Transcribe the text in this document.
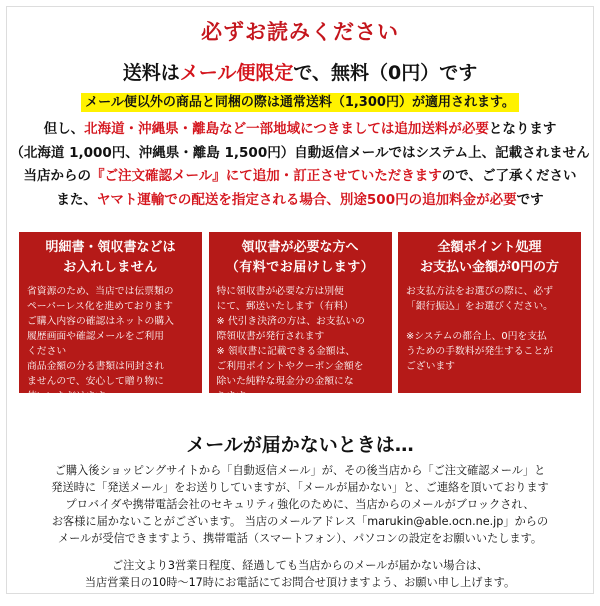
必ずお読みください
送料はメール便限定で、無料（0円）です
メール便以外の商品と同梱の際は通常送料（1,300円）が適用されます。
但し、北海道・沖縄県・離島など一部地域につきましては追加送料が必要となります
（北海道 1,000円、沖縄県・離島 1,500円）自動返信メールではシステム上、記載されません
当店からの『ご注文確認メール』にて追加・訂正させていただきますので、ご了承ください
また、ヤマト運輸での配送を指定される場合、別途500円の追加料金が必要です
明細書・領収書などは
お入れしません
省資源のため、当店では伝票類の
ペーパーレス化を進めております
ご購入内容の確認はネットの購入
履歴画面や確認メールをご利用
ください
商品金額の分る書類は同封され
ませんので、安心して贈り物に
使いいただけます
領収書が必要な方へ
（有料でお届けします）
特に領収書が必要な方は別便
にて、郵送いたします（有料）
※ 代引き決済の方は、お支払いの
際領収書が発行されます
※ 領収書に記載できる金額は、
ご利用ポイントやクーポン金額を
除いた純粋な現金分の金額にな
ります
全額ポイント処理
お支払い金額が0円の方
お支払方法をお選びの際に、必ず
「銀行振込」をお選びください。

※システムの都合上、0円を支払
うための手数料が発生することが
ございます
メールが届かないときは…
ご購入後ショッピングサイトから「自動返信メール」が、その後当店から「ご注文確認メール」と
発送時に「発送メール」をお送りしていますが、「メールが届かない」と、ご連絡を頂いております
プロバイダや携帯電話会社のセキュリティ強化のために、当店からのメールがブロックされ、
お客様に届かないことがございます。 当店のメールアドレス「marukin@able.ocn.ne.jp」からの
メールが受信できますよう、携帯電話（スマートフォン）、パソコンの設定をお願いいたします。
ご注文より3営業日程度、経過しても当店からのメールが届かない場合は、
当店営業日の10時〜17時にお電話にてお問合せ頂けますよう、お願い申し上げます。
